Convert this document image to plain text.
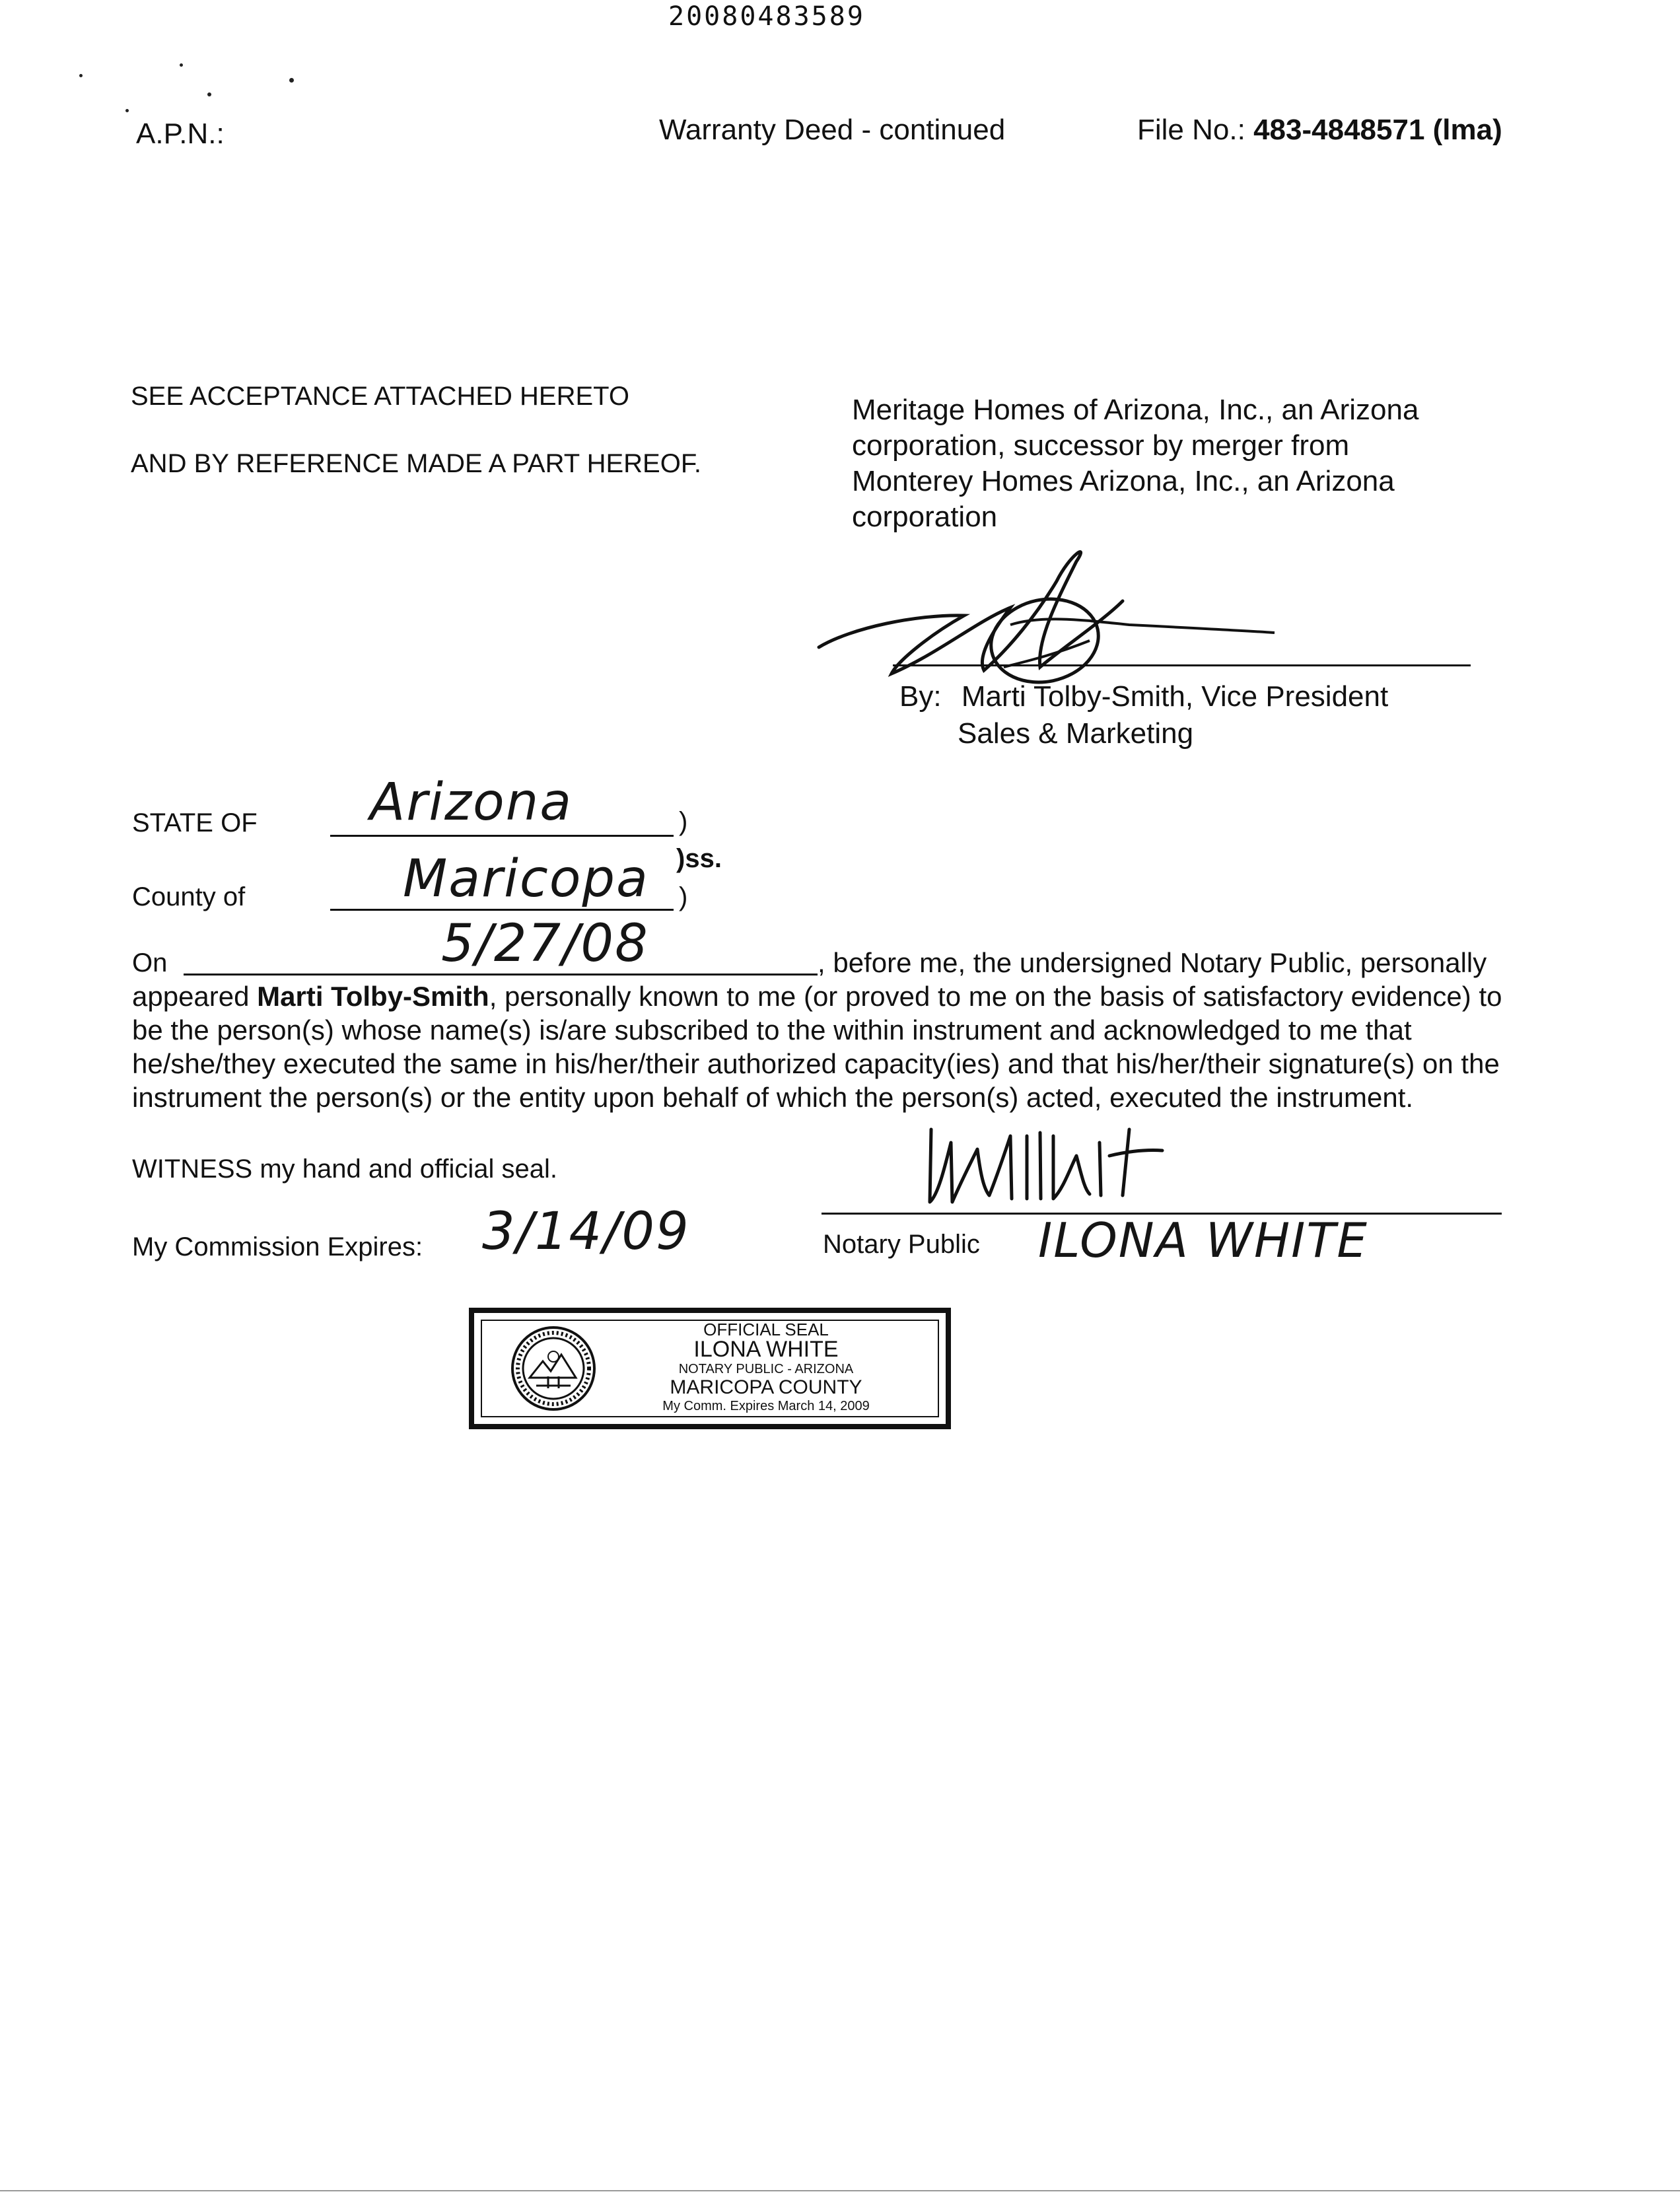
20080483589
A.P.N.:	Warranty Deed - continued	File No.: 483-4848571 (lma)
SEE ACCEPTANCE ATTACHED HERETO
AND BY REFERENCE MADE A PART HEREOF.
Meritage Homes of Arizona, Inc., an Arizona
corporation, successor by merger from
Monterey Homes Arizona, Inc., an Arizona
corporation
By: Marti Tolby-Smith, Vice President
Sales & Marketing
STATE OF Arizona	)
)ss.
County of	Maricopa )
On	5/27/08	, before me, the undersigned Notary Public, personally

appeared Marti Tolby-Smith, personally known to me (or proved to me on the basis of satisfactory evidence) to

be the person(s) whose name(s) is/are subscribed to the within instrument and acknowledged to me that

he/she/they executed the same in his/her/their authorized capacity(ies) and that his/her/their signature(s) on the

instrument the person(s) or the entity upon behalf of which the person(s) acted, executed the instrument.

WITNESS my hand and official seal.
My Commission Expires: 3/14/09	Notary Public ILONA WHITE
OFFICIAL SEAL
ILONA WHITE
NOTARY PUBLIC - ARIZONA
MARICOPA COUNTY
My Comm. Expires March 14, 2009
